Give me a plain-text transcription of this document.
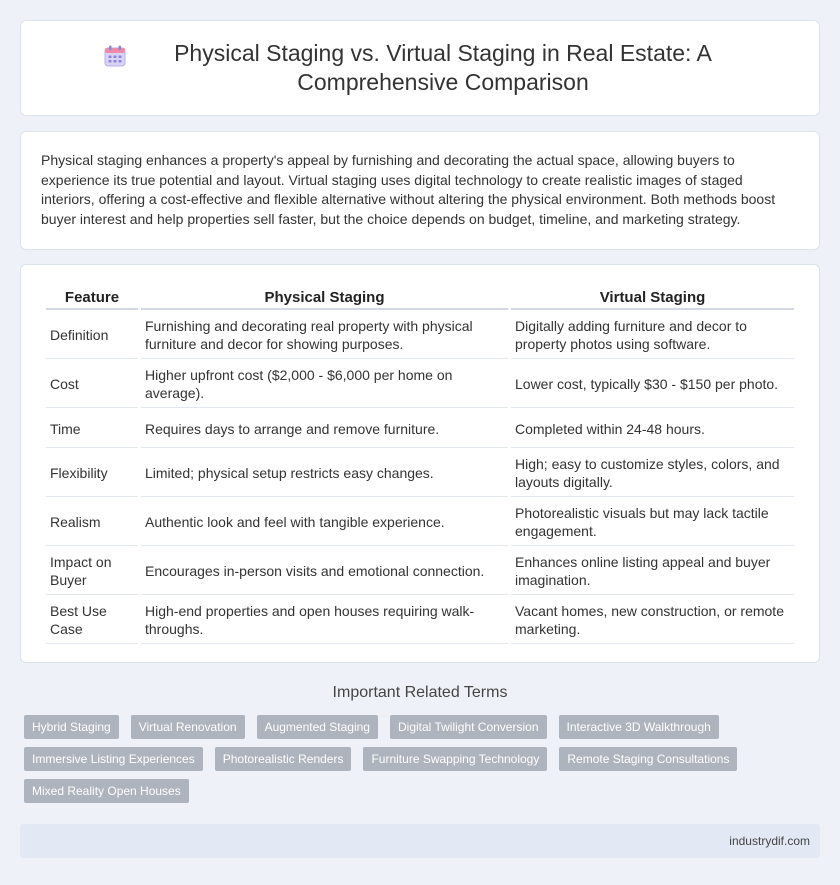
Physical Staging vs. Virtual Staging in Real Estate: A Comprehensive Comparison

Physical staging enhances a property's appeal by furnishing and decorating the actual space, allowing buyers to experience its true potential and layout. Virtual staging uses digital technology to create realistic images of staged interiors, offering a cost-effective and flexible alternative without altering the physical environment. Both methods boost buyer interest and help properties sell faster, but the choice depends on budget, timeline, and marketing strategy.

Feature	Physical Staging	Virtual Staging
Definition	Furnishing and decorating real property with physical furniture and decor for showing purposes.	Digitally adding furniture and decor to property photos using software.
Cost	Higher upfront cost ($2,000 - $6,000 per home on average).	Lower cost, typically $30 - $150 per photo.
Time	Requires days to arrange and remove furniture.	Completed within 24-48 hours.
Flexibility	Limited; physical setup restricts easy changes.	High; easy to customize styles, colors, and layouts digitally.
Realism	Authentic look and feel with tangible experience.	Photorealistic visuals but may lack tactile engagement.
Impact on Buyer	Encourages in-person visits and emotional connection.	Enhances online listing appeal and buyer imagination.
Best Use Case	High-end properties and open houses requiring walk-throughs.	Vacant homes, new construction, or remote marketing.
Important Related Terms
Hybrid Staging	Virtual Renovation	Augmented Staging	Digital Twilight Conversion	Interactive 3D Walkthrough
Immersive Listing Experiences	Photorealistic Renders	Furniture Swapping Technology	Remote Staging Consultations
Mixed Reality Open Houses
industrydif.com
